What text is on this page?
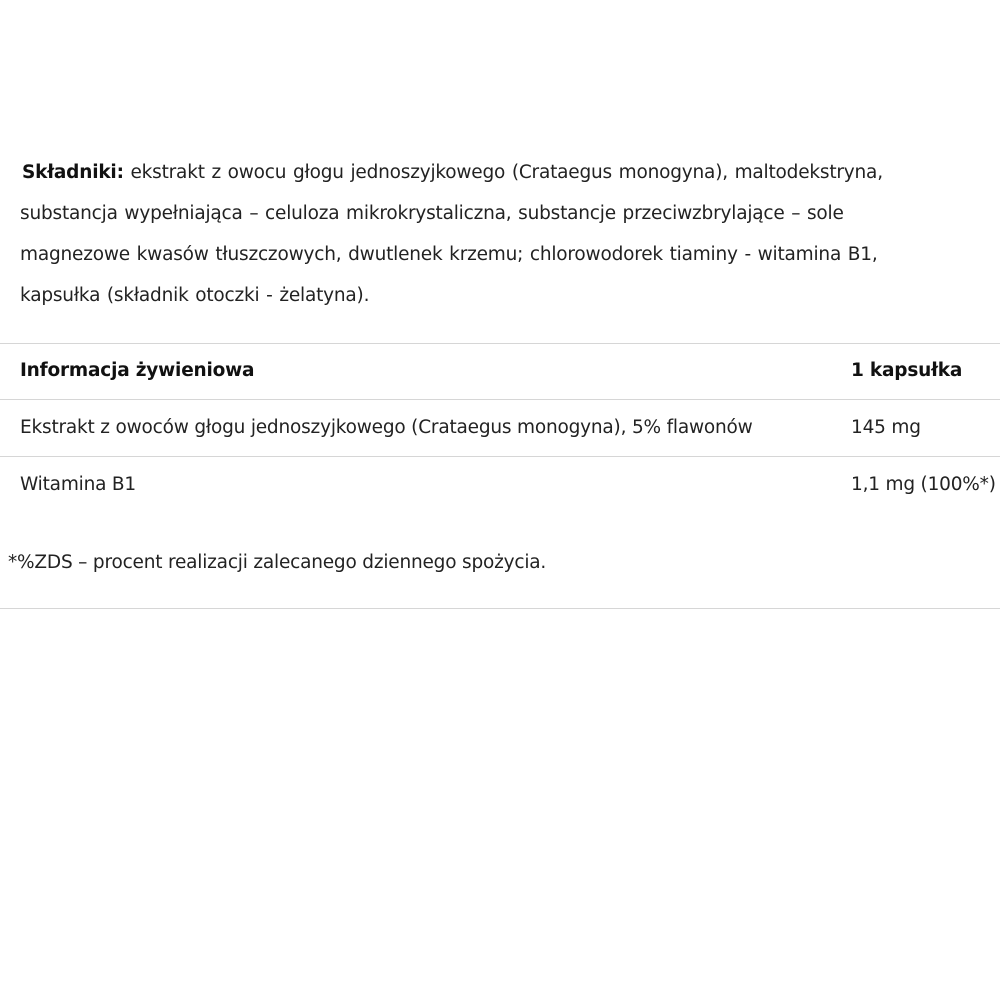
Składniki: ekstrakt z owocu głogu jednoszyjkowego (Crataegus monogyna), maltodekstryna,
substancja wypełniająca – celuloza mikrokrystaliczna, substancje przeciwzbrylające – sole
magnezowe kwasów tłuszczowych, dwutlenek krzemu; chlorowodorek tiaminy - witamina B1,
kapsułka (składnik otoczki - żelatyna).
Informacja żywieniowa	1 kapsułka
Ekstrakt z owoców głogu jednoszyjkowego (Crataegus monogyna), 5% flawonów	145 mg
Witamina B1	1,1 mg (100%*)
*%ZDS – procent realizacji zalecanego dziennego spożycia.
